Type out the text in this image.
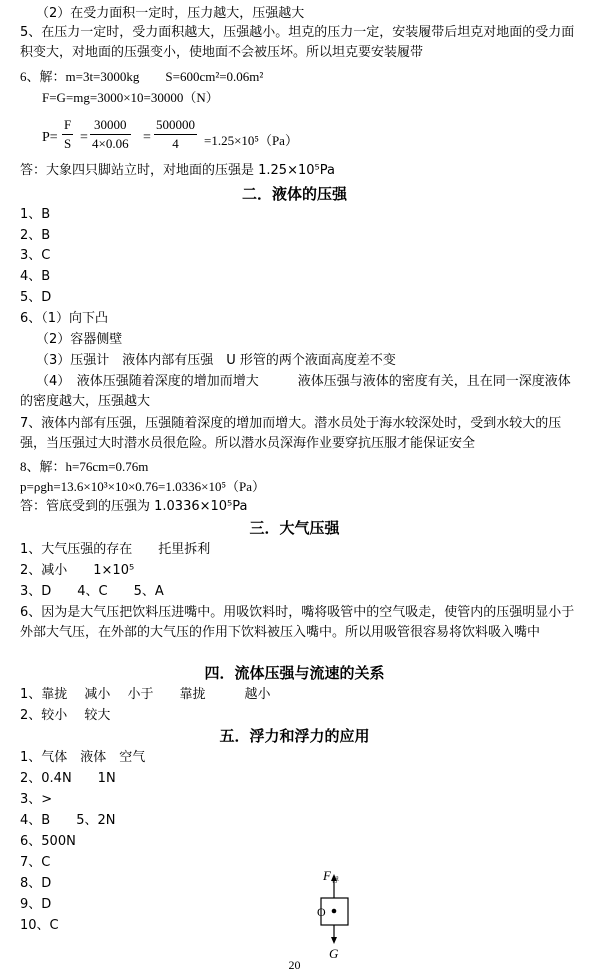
（2）在受力面积一定时，压力越大，压强越大
5、在压力一定时，受力面积越大，压强越小。坦克的压力一定，安装履带后坦克对地面的受力面积变大，对地面的压强变小，使地面不会被压坏。所以坦克要安装履带
6、解：m=3t=3000kg　　S=600cm²=0.06m²
F=G=mg=3000×10=30000（N）
P=
F
S =
30000
4×0.06 =
500000
4	=1.25×10⁵（Pa）
答：大象四只脚站立时，对地面的压强是 1.25×10⁵Pa
二．液体的压强
1、B
2、B
3、C
4、B
5、D
6、（1）向下凸
（2）容器侧壁
（3）压强计　液体内部有压强　U 形管的两个液面高度差不变
（4）　液体压强随着深度的增加而增大　　　液体压强与液体的密度有关，且在同一深度液体的密度越大，压强越大
7、液体内部有压强，压强随着深度的增加而增大。潜水员处于海水较深处时，受到水较大的压强，当压强过大时潜水员很危险。所以潜水员深海作业要穿抗压服才能保证安全
8、解：h=76cm=0.76m
p=ρgh=13.6×10³×10×0.76=1.0336×10⁵（Pa）
答：管底受到的压强为 1.0336×10⁵Pa
三．大气压强
1、大气压强的存在　　托里拆利
2、减小　　1×10⁵
3、D　　4、C　　5、A
6、因为是大气压把饮料压进嘴中。用吸饮料时，嘴将吸管中的空气吸走，使管内的压强明显小于外部大气压，在外部的大气压的作用下饮料被压入嘴中。所以用吸管很容易将饮料吸入嘴中
四．流体压强与流速的关系
1、靠拢　 减小　 小于　　靠拢　　　越小
2、较小　 较大
五．浮力和浮力的应用
1、气体　液体　空气
2、0.4N　　1N
3、>
4、B　　5、2N
6、500N
7、C
8、D
9、D
10、C
F 浮
O
G
20
